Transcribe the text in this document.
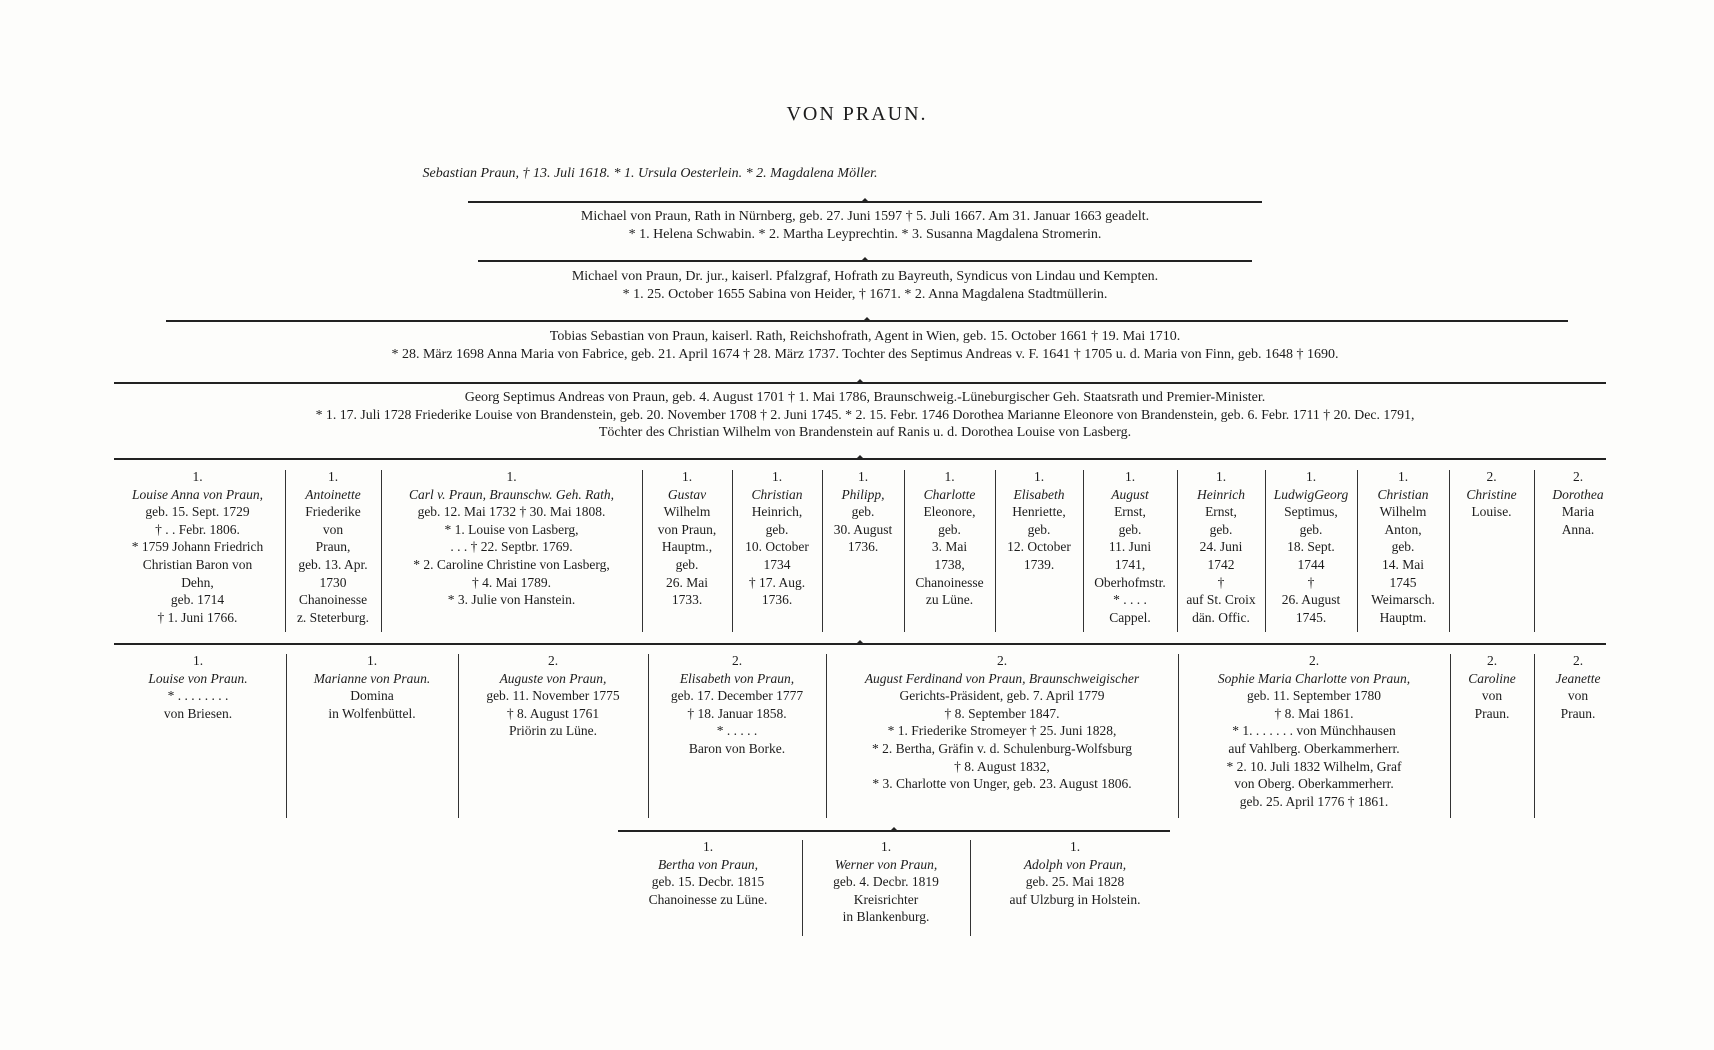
VON PRAUN.
Sebastian Praun, † 13. Juli 1618. * 1. Ursula Oesterlein. * 2. Magdalena Möller.
Michael von Praun, Rath in Nürnberg, geb. 27. Juni 1597 † 5. Juli 1667. Am 31. Januar 1663 geadelt.
* 1. Helena Schwabin. * 2. Martha Leyprechtin. * 3. Susanna Magdalena Stromerin.
Michael von Praun, Dr. jur., kaiserl. Pfalzgraf, Hofrath zu Bayreuth, Syndicus von Lindau und Kempten.
* 1. 25. October 1655 Sabina von Heider, † 1671. * 2. Anna Magdalena Stadtmüllerin.
Tobias Sebastian von Praun, kaiserl. Rath, Reichshofrath, Agent in Wien, geb. 15. October 1661 † 19. Mai 1710.
* 28. März 1698 Anna Maria von Fabrice, geb. 21. April 1674 † 28. März 1737. Tochter des Septimus Andreas v. F. 1641 † 1705 u. d. Maria von Finn, geb. 1648 † 1690.
Georg Septimus Andreas von Praun, geb. 4. August 1701 † 1. Mai 1786, Braunschweig.-Lüneburgischer Geh. Staatsrath und Premier-Minister.
* 1. 17. Juli 1728 Friederike Louise von Brandenstein, geb. 20. November 1708 † 2. Juni 1745. * 2. 15. Febr. 1746 Dorothea Marianne Eleonore von Brandenstein, geb. 6. Febr. 1711 † 20. Dec. 1791,
Töchter des Christian Wilhelm von Brandenstein auf Ranis u. d. Dorothea Louise von Lasberg.
1.
Louise Anna von Praun,
geb. 15. Sept. 1729
† . . Febr. 1806.
* 1759 Johann Friedrich
Christian Baron von
Dehn,
geb. 1714
† 1. Juni 1766.
1.
Antoinette
Friederike
von
Praun,
geb. 13. Apr.
1730
Chanoinesse
z. Steterburg.
1.
Carl v. Praun, Braunschw. Geh. Rath,
geb. 12. Mai 1732 † 30. Mai 1808.
* 1. Louise von Lasberg,
. . . † 22. Septbr. 1769.
* 2. Caroline Christine von Lasberg,
† 4. Mai 1789.
* 3. Julie von Hanstein.
1.
Gustav
Wilhelm
von Praun,
Hauptm.,
geb.
26. Mai
1733.
1.
Christian
Heinrich,
geb.
10. October
1734
† 17. Aug.
1736.
1.
Philipp,
geb.
30. August
1736.
1.
Charlotte
Eleonore,
geb.
3. Mai
1738,
Chanoinesse
zu Lüne.
1.
Elisabeth
Henriette,
geb.
12. October
1739.
1.
August
Ernst,
geb.
11. Juni
1741,
Oberhofmstr.
* . . . .
Cappel.
1.
Heinrich
Ernst,
geb.
24. Juni
1742
†
auf St. Croix
dän. Offic.
1.
LudwigGeorg
Septimus,
geb.
18. Sept.
1744
†
26. August
1745.
1.
Christian
Wilhelm
Anton,
geb.
14. Mai
1745
Weimarsch.
Hauptm.
2.
Christine
Louise.
2.
Dorothea
Maria
Anna.
1.
Louise von Praun.
* . . . . . . . .
von Briesen.
1.
Marianne von Praun.
Domina
in Wolfenbüttel.
2.
Auguste von Praun,
geb. 11. November 1775
† 8. August 1761
Priörin zu Lüne.
2.
Elisabeth von Praun,
geb. 17. December 1777
† 18. Januar 1858.
* . . . . .
Baron von Borke.
2.
August Ferdinand von Praun, Braunschweigischer
Gerichts-Präsident, geb. 7. April 1779
† 8. September 1847.
* 1. Friederike Stromeyer † 25. Juni 1828,
* 2. Bertha, Gräfin v. d. Schulenburg-Wolfsburg
† 8. August 1832,
* 3. Charlotte von Unger, geb. 23. August 1806.
2.
Sophie Maria Charlotte von Praun,
geb. 11. September 1780
† 8. Mai 1861.
* 1. . . . . . . von Münchhausen
auf Vahlberg. Oberkammerherr.
* 2. 10. Juli 1832 Wilhelm, Graf
von Oberg. Oberkammerherr.
geb. 25. April 1776 † 1861.
2.
Caroline
von
Praun.
2.
Jeanette
von
Praun.
1.
Bertha von Praun,
geb. 15. Decbr. 1815
Chanoinesse zu Lüne.
1.
Werner von Praun,
geb. 4. Decbr. 1819
Kreisrichter
in Blankenburg.
1.
Adolph von Praun,
geb. 25. Mai 1828
auf Ulzburg in Holstein.
